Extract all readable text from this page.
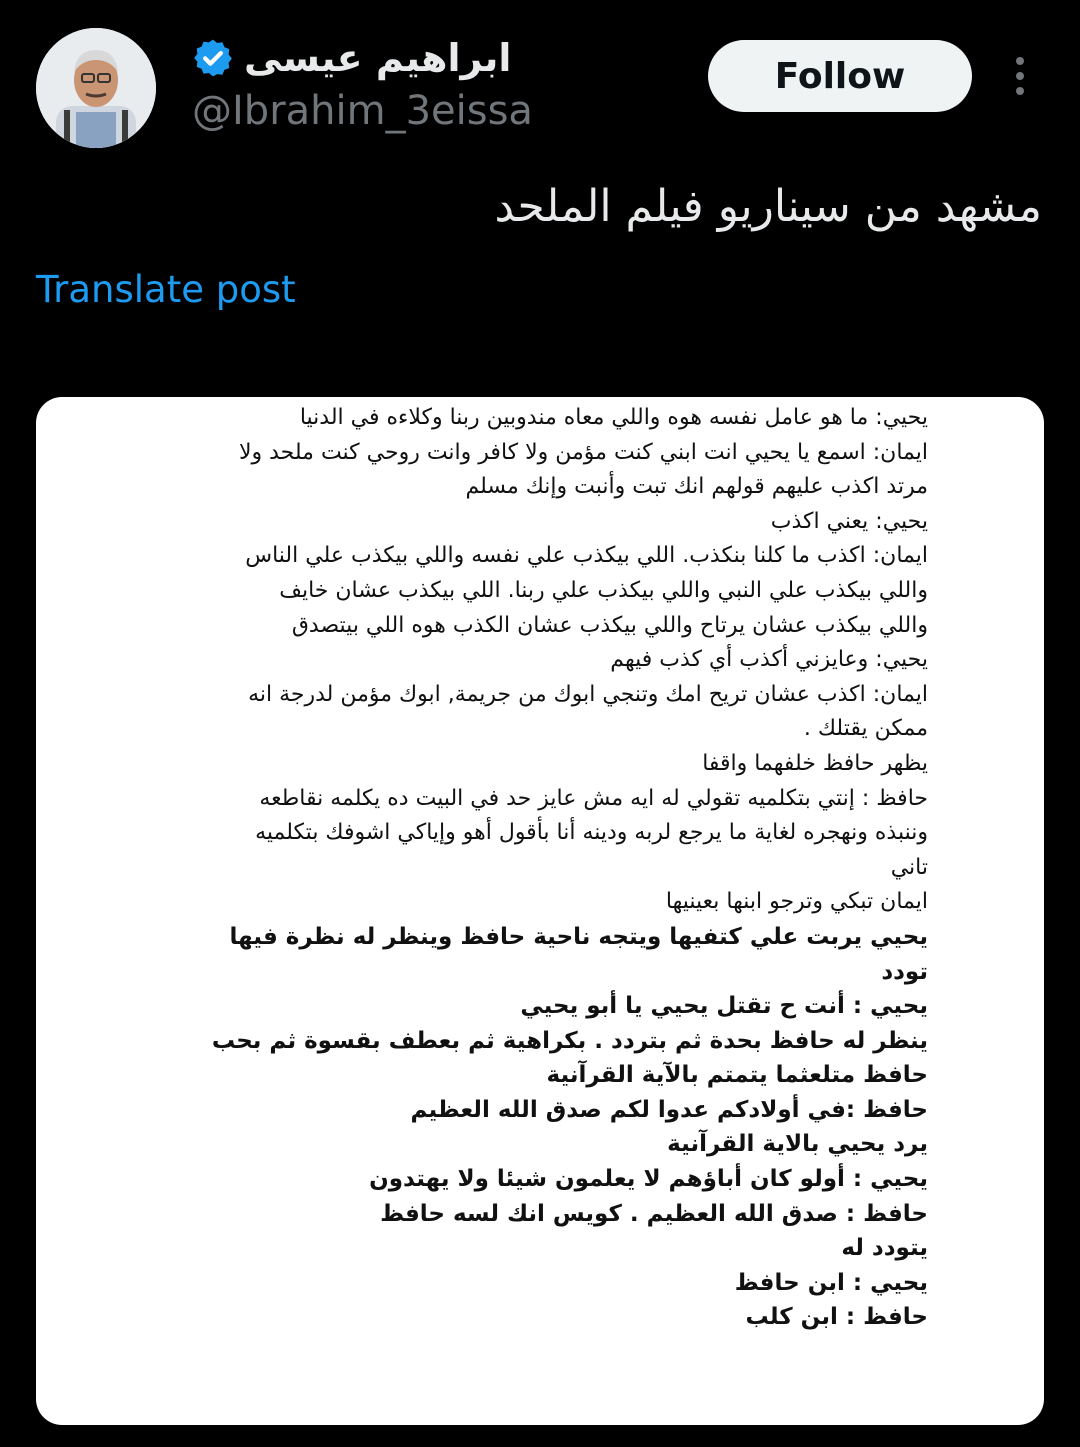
ابراهيم عيسى
@Ibrahim_3eissa
Follow
مشهد من سيناريو فيلم الملحد
Translate post
يحيي: ما هو عامل نفسه هوه واللي معاه مندوبين ربنا وكلاءه في الدنيا
ايمان: اسمع يا يحيي انت ابني كنت مؤمن ولا كافر وانت روحي كنت ملحد ولا
مرتد اكذب عليهم قولهم انك تبت وأنبت وإنك مسلم
يحيي: يعني اكذب
ايمان: اكذب ما كلنا بنكذب. اللي بيكذب علي نفسه واللي بيكذب علي الناس
واللي بيكذب علي النبي واللي بيكذب علي ربنا. اللي بيكذب عشان خايف
واللي بيكذب عشان يرتاح واللي بيكذب عشان الكذب هوه اللي بيتصدق
يحيي: وعايزني أكذب أي كذب فيهم
ايمان: اكذب عشان تريح امك وتنجي ابوك من جريمة, ابوك مؤمن لدرجة انه
ممكن يقتلك .
يظهر حافظ خلفهما واقفا
حافظ : إنتي بتكلميه تقولي له ايه مش عايز حد في البيت ده يكلمه نقاطعه
وننبذه ونهجره لغاية ما يرجع لربه ودينه أنا بأقول أهو وإياكي اشوفك بتكلميه
تاني
ايمان تبكي وترجو ابنها بعينيها
يحيي يربت علي كتفيها ويتجه ناحية حافظ وينظر له نظرة فيها
تودد
يحيي : أنت ح تقتل يحيي يا أبو يحيي
ينظر له حافظ بحدة ثم بتردد . بكراهية ثم بعطف بقسوة ثم بحب
حافظ متلعثما يتمتم بالآية القرآنية
حافظ :في أولادكم عدوا لكم صدق الله العظيم
يرد يحيي بالاية القرآنية
يحيي : أولو كان أباؤهم لا يعلمون شيئا ولا يهتدون
حافظ : صدق الله العظيم . كويس انك لسه حافظ
يتودد له
يحيي : ابن حافظ
حافظ : ابن كلب
